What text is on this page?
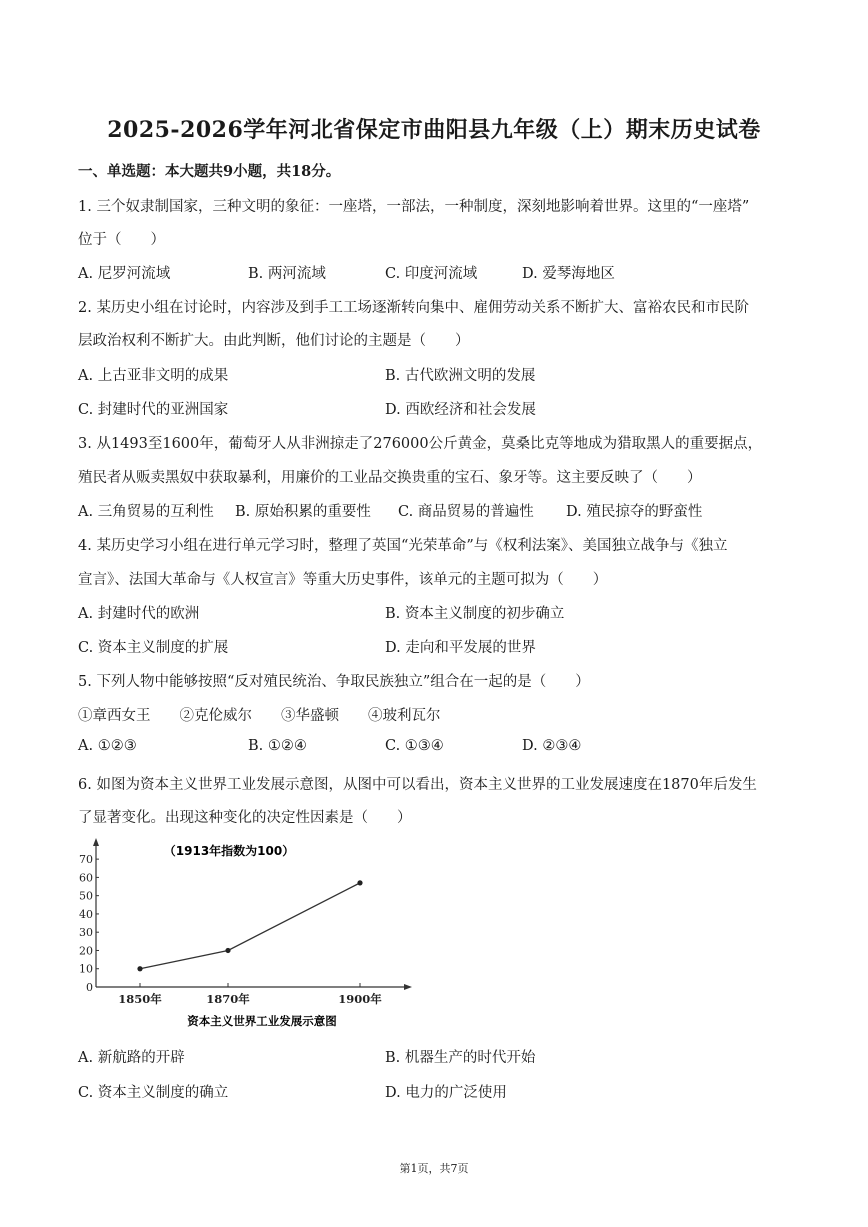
2025-2026学年河北省保定市曲阳县九年级（上）期末历史试卷
一、单选题：本大题共9小题，共18分。
1. 三个奴隶制国家，三种文明的象征：一座塔，一部法，一种制度，深刻地影响着世界。这里的“一座塔”
位于（　　）
A. 尼罗河流域	B. 两河流域	C. 印度河流域	D. 爱琴海地区
2. 某历史小组在讨论时，内容涉及到手工工场逐渐转向集中、雇佣劳动关系不断扩大、富裕农民和市民阶
层政治权利不断扩大。由此判断，他们讨论的主题是（　　）
A. 上古亚非文明的成果	B. 古代欧洲文明的发展
C. 封建时代的亚洲国家	D. 西欧经济和社会发展
3. 从1493至1600年，葡萄牙人从非洲掠走了276000公斤黄金，莫桑比克等地成为猎取黑人的重要据点，
殖民者从贩卖黑奴中获取暴利，用廉价的工业品交换贵重的宝石、象牙等。这主要反映了（　　）
A. 三角贸易的互利性 B. 原始积累的重要性 C. 商品贸易的普遍性 D. 殖民掠夺的野蛮性
4. 某历史学习小组在进行单元学习时，整理了英国“光荣革命”与《权利法案》、美国独立战争与《独立
宣言》、法国大革命与《人权宣言》等重大历史事件，该单元的主题可拟为（　　）
A. 封建时代的欧洲	B. 资本主义制度的初步确立
C. 资本主义制度的扩展	D. 走向和平发展的世界
5. 下列人物中能够按照“反对殖民统治、争取民族独立”组合在一起的是（　　）
①章西女王　　②克伦威尔　　③华盛顿　　④玻利瓦尔
A. ①②③	B. ①②④	C. ①③④	D. ②③④
6. 如图为资本主义世界工业发展示意图，从图中可以看出，资本主义世界的工业发展速度在1870年后发生
了显著变化。出现这种变化的决定性因素是（　　）
0
10
20
30
40
50
60
70
1850年	1870年	1900年
（1913年指数为100）
资本主义世界工业发展示意图
A. 新航路的开辟	B. 机器生产的时代开始
C. 资本主义制度的确立	D. 电力的广泛使用
第1页，共7页
